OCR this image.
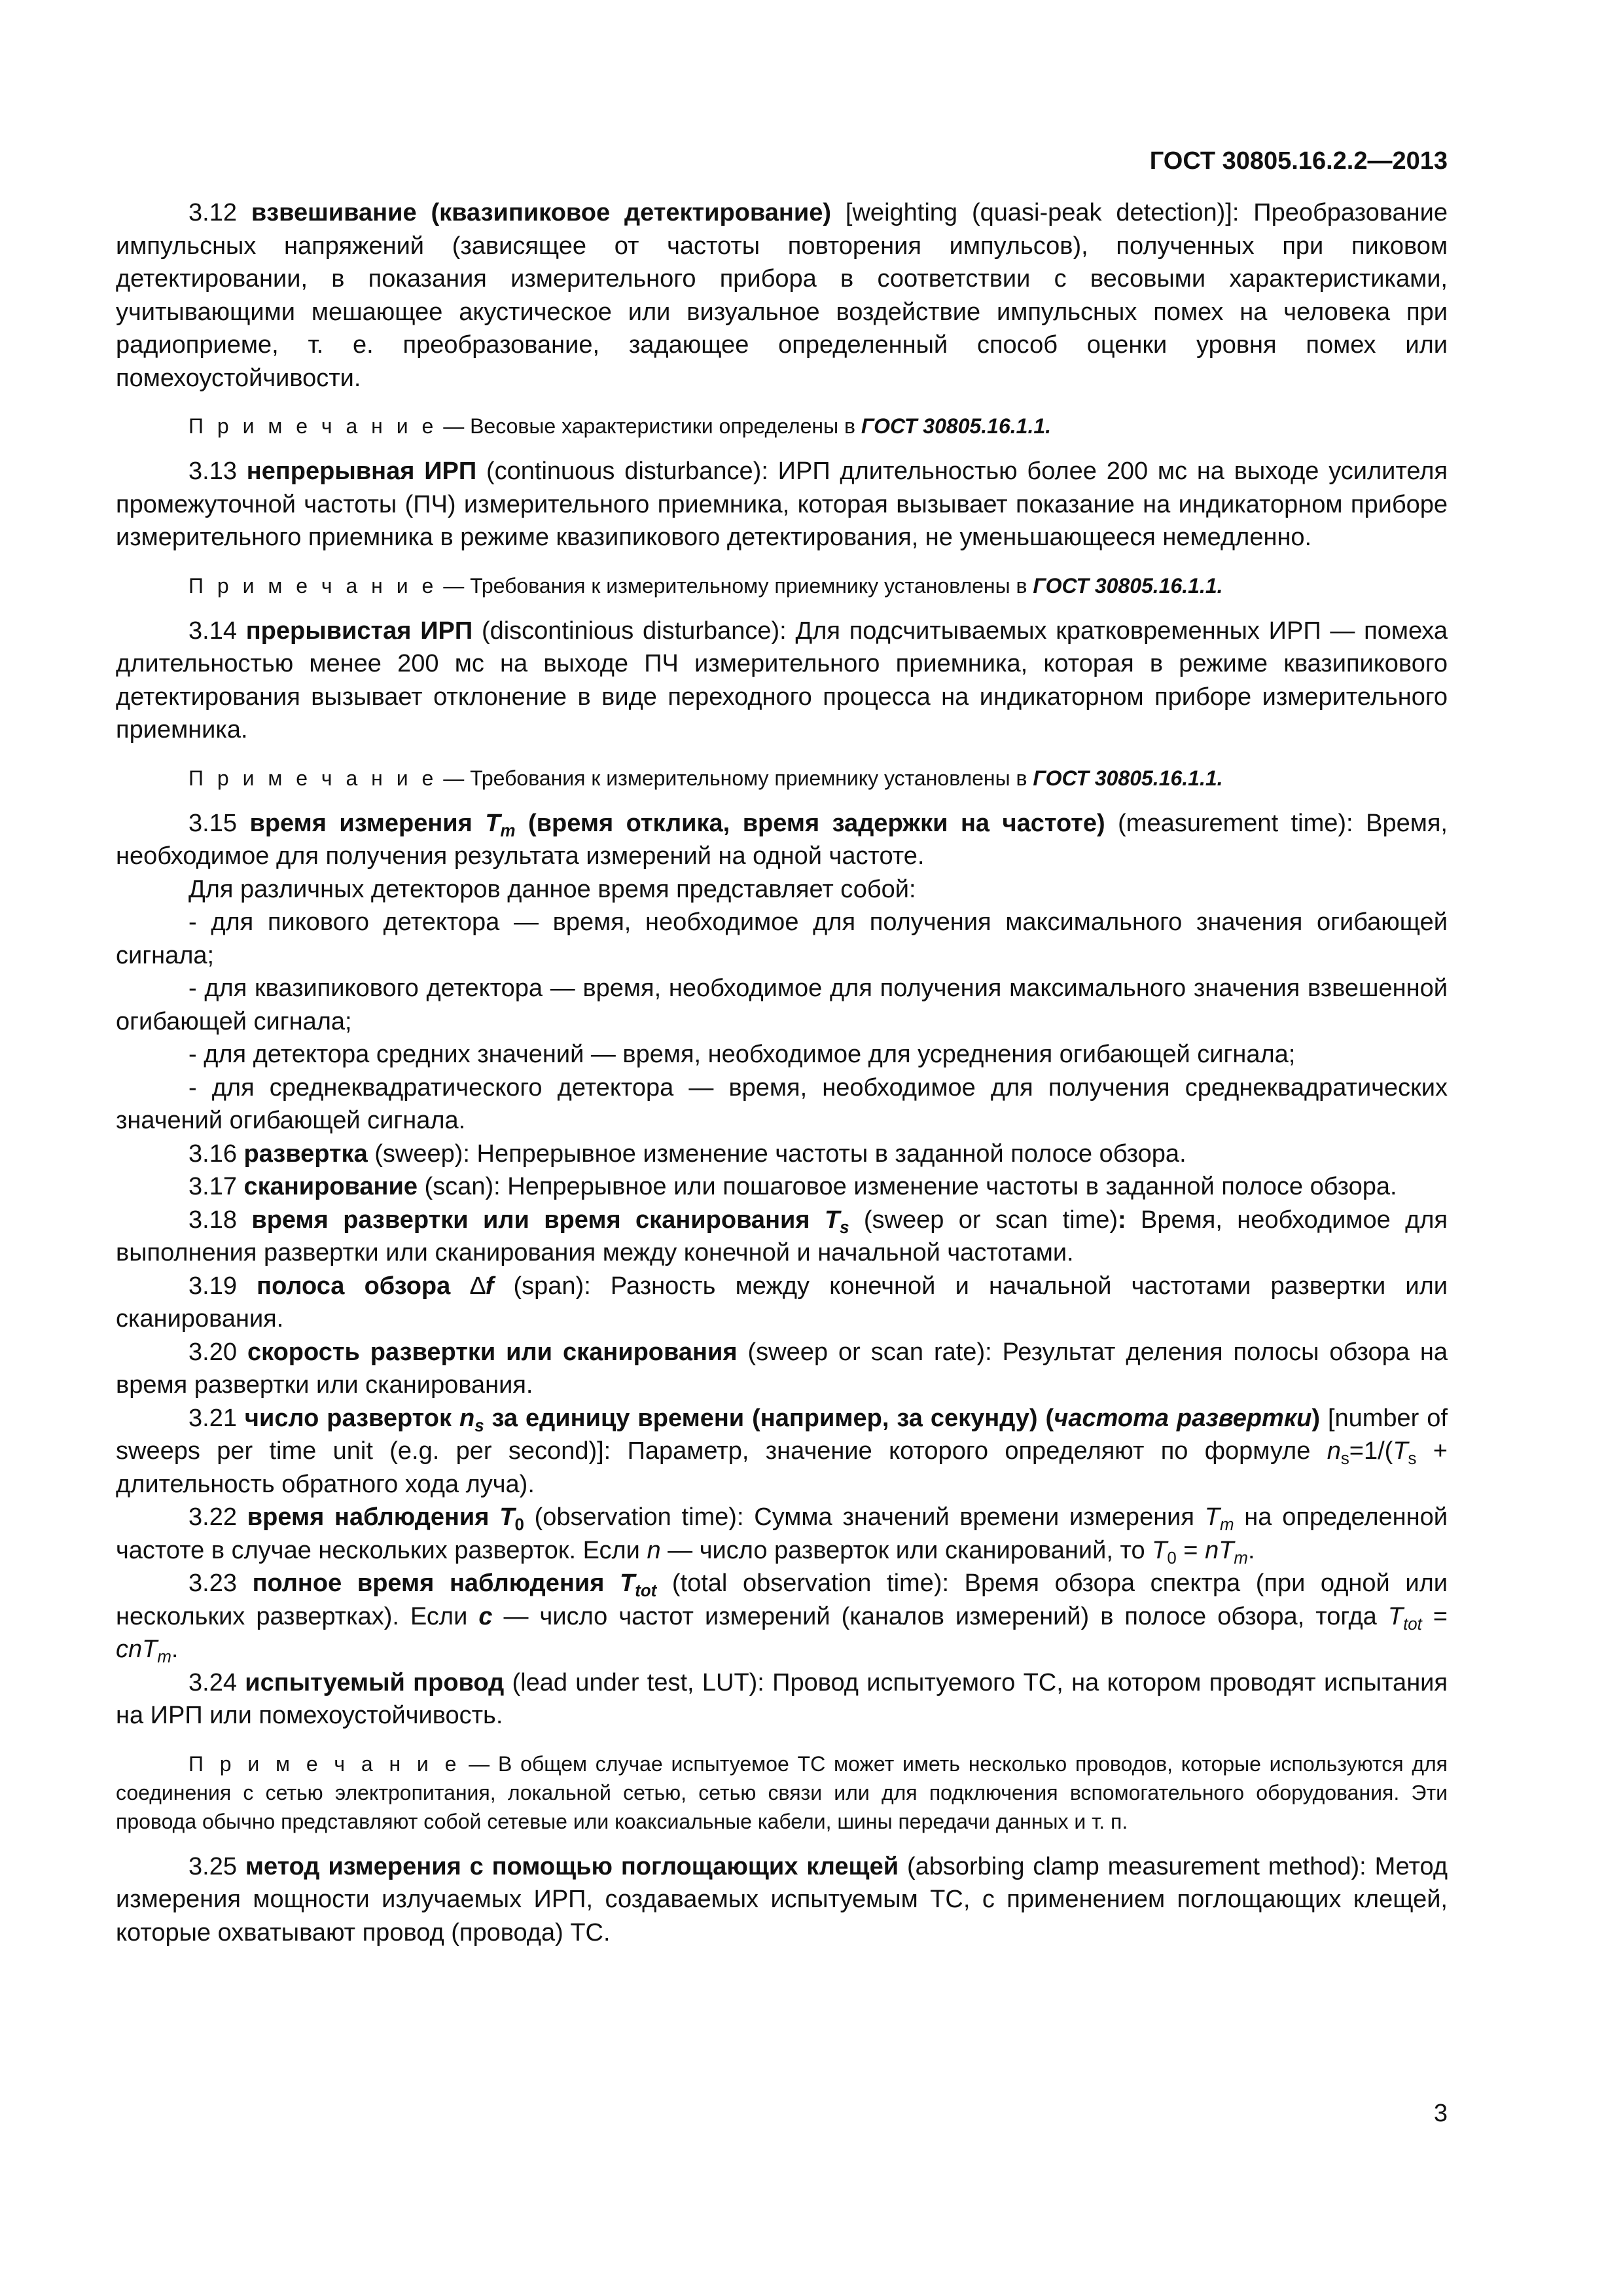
ГОСТ 30805.16.2.2—2013

3.12 взвешивание (квазипиковое детектирование) [weighting (quasi-peak detection)]: Преобразование импульсных напряжений (зависящее от частоты повторения импульсов), полученных при пиковом детектировании, в показания измерительного прибора в соответствии с весовыми характеристиками, учитывающими мешающее акустическое или визуальное воздействие импульсных помех на человека при радиоприеме, т. е. преобразование, задающее определенный способ оценки уровня помех или помехоустойчивости.

П р и м е ч а н и е — Весовые характеристики определены в ГОСТ 30805.16.1.1.

3.13 непрерывная ИРП (continuous disturbance): ИРП длительностью более 200 мс на выходе усилителя промежуточной частоты (ПЧ) измерительного приемника, которая вызывает показание на индикаторном приборе измерительного приемника в режиме квазипикового детектирования, не уменьшающееся немедленно.

П р и м е ч а н и е — Требования к измерительному приемнику установлены в ГОСТ 30805.16.1.1.

3.14 прерывистая ИРП (discontinious disturbance): Для подсчитываемых кратковременных ИРП — помеха длительностью менее 200 мс на выходе ПЧ измерительного приемника, которая в режиме квазипикового детектирования вызывает отклонение в виде переходного процесса на индикаторном приборе измерительного приемника.

П р и м е ч а н и е — Требования к измерительному приемнику установлены в ГОСТ 30805.16.1.1.

3.15 время измерения $T_m$ (время отклика, время задержки на частоте) (measurement time): Время, необходимое для получения результата измерений на одной частоте.

Для различных детекторов данное время представляет собой:

- для пикового детектора — время, необходимое для получения максимального значения огибающей сигнала;

- для квазипикового детектора — время, необходимое для получения максимального значения взвешенной огибающей сигнала;

- для детектора средних значений — время, необходимое для усреднения огибающей сигнала;

- для среднеквадратического детектора — время, необходимое для получения среднеквадратических значений огибающей сигнала.

3.16 развертка (sweep): Непрерывное изменение частоты в заданной полосе обзора.

3.17 сканирование (scan): Непрерывное или пошаговое изменение частоты в заданной полосе обзора.

3.18 время развертки или время сканирования $T_s$ (sweep or scan time): Время, необходимое для выполнения развертки или сканирования между конечной и начальной частотами.

3.19 полоса обзора ∆f (span): Разность между конечной и начальной частотами развертки или сканирования.

3.20 скорость развертки или сканирования (sweep or scan rate): Результат деления полосы обзора на время развертки или сканирования.

3.21 число разверток $n_s$ за единицу времени (например, за секунду) (частота развертки) [number of sweeps per time unit (e.g. per second)]: Параметр, значение которого определяют по формуле $n_s=1/(T_s$ + длительность обратного хода луча).

3.22 время наблюдения $T_0$ (observation time): Сумма значений времени измерения $T_m$ на определенной частоте в случае нескольких разверток. Если n — число разверток или сканирований, то $T_0 = nT_m$.

3.23 полное время наблюдения $T_{tot}$ (total observation time): Время обзора спектра (при одной или нескольких развертках). Если c — число частот измерений (каналов измерений) в полосе обзора, тогда $T_{tot} = cnT_m$.

3.24 испытуемый провод (lead under test, LUT): Провод испытуемого ТС, на котором проводят испытания на ИРП или помехоустойчивость.

П р и м е ч а н и е — В общем случае испытуемое ТС может иметь несколько проводов, которые используются для соединения с сетью электропитания, локальной сетью, сетью связи или для подключения вспомогательного оборудования. Эти провода обычно представляют собой сетевые или коаксиальные кабели, шины передачи данных и т. п.

3.25 метод измерения с помощью поглощающих клещей (absorbing clamp measurement method): Метод измерения мощности излучаемых ИРП, создаваемых испытуемым ТС, с применением поглощающих клещей, которые охватывают провод (провода) ТС.

3
